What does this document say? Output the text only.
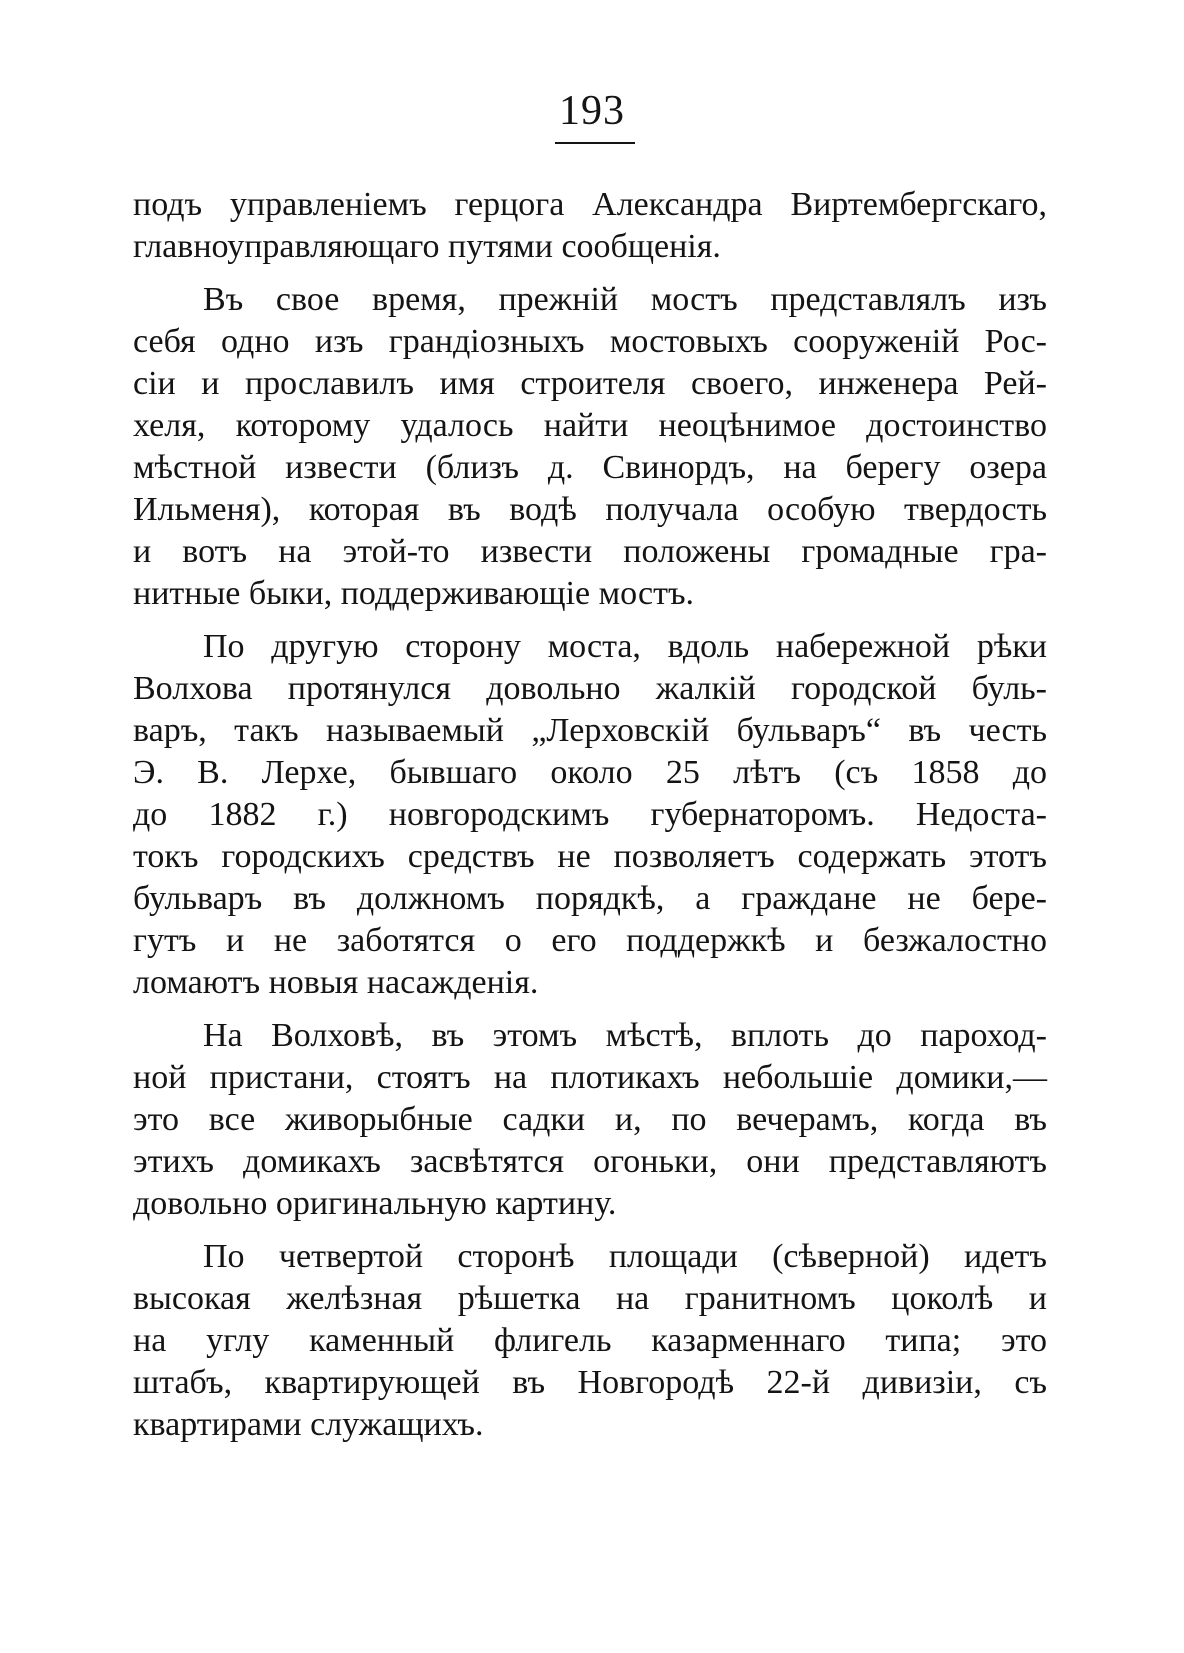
193
подъ управленіемъ герцога Александра Виртембергскаго,
главноуправляющаго путями сообщенія.
Въ свое время, прежній мостъ представлялъ изъ
себя одно изъ грандіозныхъ мостовыхъ сооруженій Рос-
сіи и прославилъ имя строителя своего, инженера Рей-
хеля, которому удалось найти неоцѣнимое достоинство
мѣстной извести (близъ д. Свинордъ, на берегу озера
Ильменя), которая въ водѣ получала особую твердость
и вотъ на этой-то извести положены громадные гра-
нитные быки, поддерживающіе мостъ.
По другую сторону моста, вдоль набережной рѣки
Волхова протянулся довольно жалкій городской буль-
варъ, такъ называемый „Лерховскій бульваръ“ въ честь
Э. В. Лерхе, бывшаго около 25 лѣтъ (съ 1858 до
до 1882 г.) новгородскимъ губернаторомъ. Недоста-
токъ городскихъ средствъ не позволяетъ содержать этотъ
бульваръ въ должномъ порядкѣ, а граждане не бере-
гутъ и не заботятся о его поддержкѣ и безжалостно
ломаютъ новыя насажденія.
На Волховѣ, въ этомъ мѣстѣ, вплоть до пароход-
ной пристани, стоятъ на плотикахъ небольшіе домики,—
это все живорыбные садки и, по вечерамъ, когда въ
этихъ домикахъ засвѣтятся огоньки, они представляютъ
довольно оригинальную картину.
По четвертой сторонѣ площади (сѣверной) идетъ
высокая желѣзная рѣшетка на гранитномъ цоколѣ и
на углу каменный флигель казарменнаго типа; это
штабъ, квартирующей въ Новгородѣ 22-й дивизіи, съ
квартирами служащихъ.
